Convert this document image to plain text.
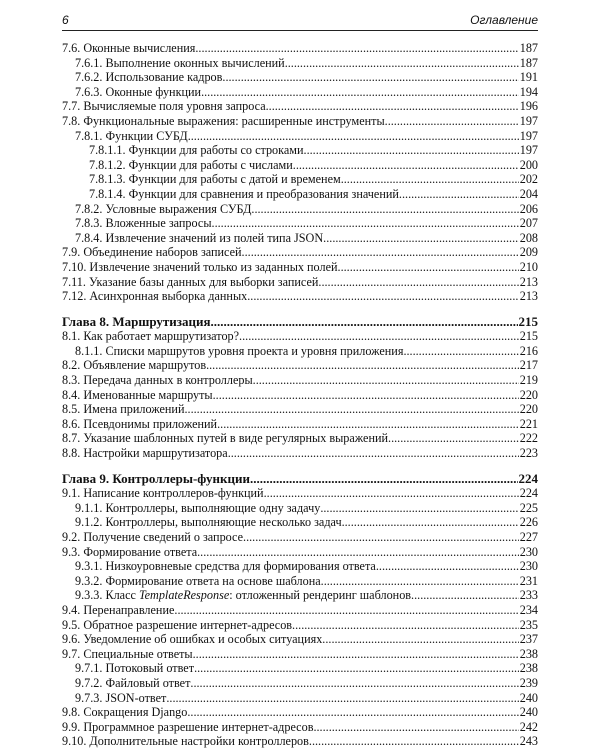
6	Оглавление
7.6. Оконные вычисления .....	187
7.6.1. Выполнение оконных вычислений .....	187
7.6.2. Использование кадров .....	191
7.6.3. Оконные функции .....	194
7.7. Вычисляемые поля уровня запроса .....	196
7.8. Функциональные выражения: расширенные инструменты .....	197
7.8.1. Функции СУБД .....	197
7.8.1.1. Функции для работы со строками .....	197
7.8.1.2. Функции для работы с числами .....	200
7.8.1.3. Функции для работы с датой и временем .....	202
7.8.1.4. Функции для сравнения и преобразования значений .....	204
7.8.2. Условные выражения СУБД .....	206
7.8.3. Вложенные запросы .....	207
7.8.4. Извлечение значений из полей типа JSON .....	208
7.9. Объединение наборов записей .....	209
7.10. Извлечение значений только из заданных полей .....	210
7.11. Указание базы данных для выборки записей .....	213
7.12. Асинхронная выборка данных .....	213
Глава 8. Маршрутизация .....	215
8.1. Как работает маршрутизатор? .....	215
8.1.1. Списки маршрутов уровня проекта и уровня приложения .....	216
8.2. Объявление маршрутов .....	217
8.3. Передача данных в контроллеры .....	219
8.4. Именованные маршруты .....	220
8.5. Имена приложений .....	220
8.6. Псевдонимы приложений .....	221
8.7. Указание шаблонных путей в виде регулярных выражений .....	222
8.8. Настройки маршрутизатора .....	223
Глава 9. Контроллеры-функции .....	224
9.1. Написание контроллеров-функций .....	224
9.1.1. Контроллеры, выполняющие одну задачу .....	225
9.1.2. Контроллеры, выполняющие несколько задач .....	226
9.2. Получение сведений о запросе .....	227
9.3. Формирование ответа .....	230
9.3.1. Низкоуровневые средства для формирования ответа .....	230
9.3.2. Формирование ответа на основе шаблона .....	231
9.3.3. Класс TemplateResponse: отложенный рендеринг шаблонов .....	233
9.4. Перенаправление .....	234
9.5. Обратное разрешение интернет-адресов .....	235
9.6. Уведомление об ошибках и особых ситуациях .....	237
9.7. Специальные ответы .....	238
9.7.1. Потоковый ответ .....	238
9.7.2. Файловый ответ .....	239
9.7.3. JSON-ответ .....	240
9.8. Сокращения Django .....	240
9.9. Программное разрешение интернет-адресов .....	242
9.10. Дополнительные настройки контроллеров .....	243
